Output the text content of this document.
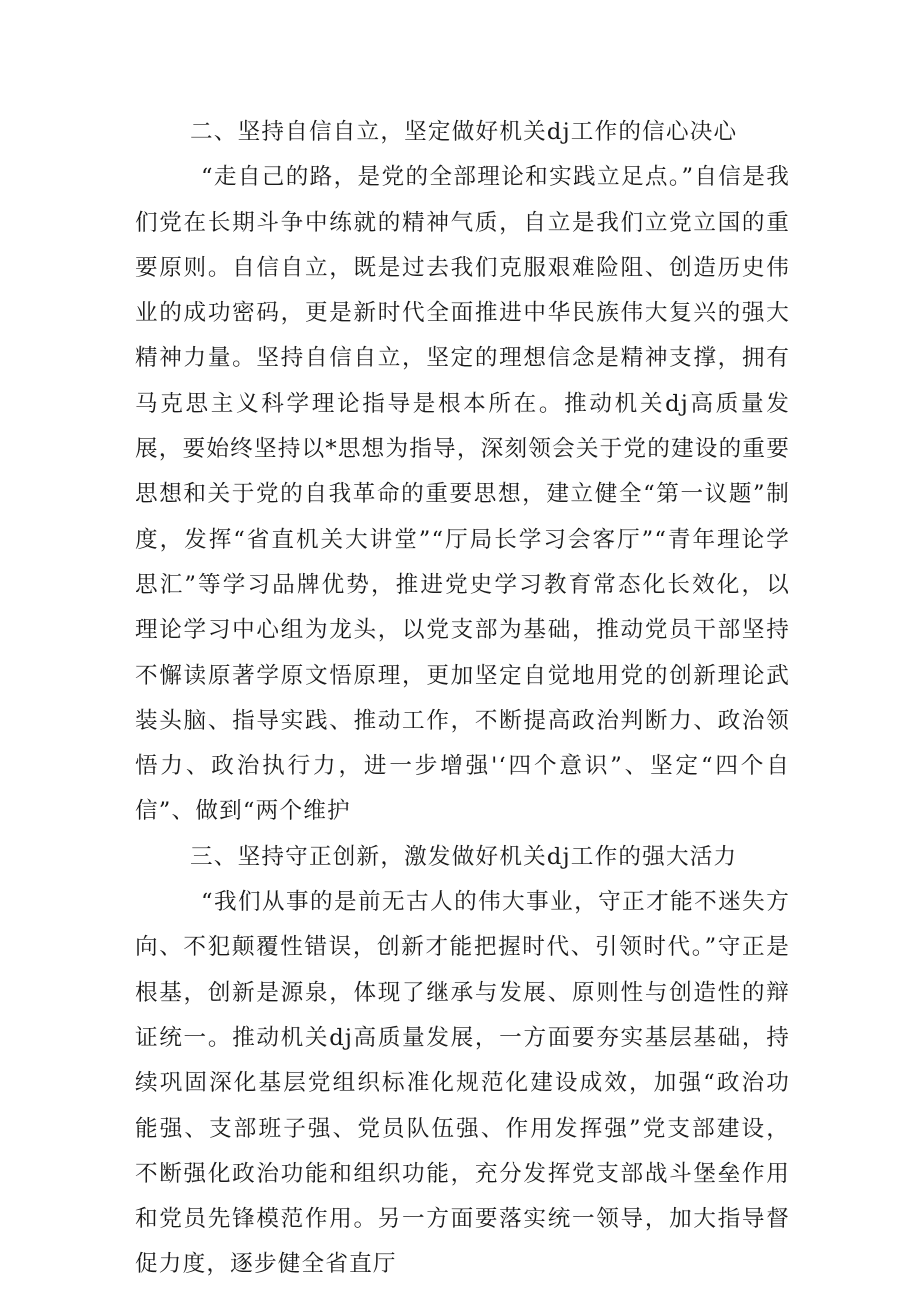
二、坚持自信自立，坚定做好机关dj工作的信心决心

“走自己的路，是党的全部理论和实践立足点。”自信是我们党在长期斗争中练就的精神气质，自立是我们立党立国的重要原则。自信自立，既是过去我们克服艰难险阻、创造历史伟业的成功密码，更是新时代全面推进中华民族伟大复兴的强大精神力量。坚持自信自立，坚定的理想信念是精神支撑，拥有马克思主义科学理论指导是根本所在。推动机关dj高质量发展，要始终坚持以*思想为指导，深刻领会关于党的建设的重要思想和关于党的自我革命的重要思想，建立健全“第一议题”制度，发挥“省直机关大讲堂”“厅局长学习会客厅”“青年理论学思汇”等学习品牌优势，推进党史学习教育常态化长效化，以理论学习中心组为龙头，以党支部为基础，推动党员干部坚持不懈读原著学原文悟原理，更加坚定自觉地用党的创新理论武装头脑、指导实践、推动工作，不断提高政治判断力、政治领悟力、政治执行力，进一步增强'‘四个意识”、坚定“四个自信”、做到“两个维护

三、坚持守正创新，激发做好机关dj工作的强大活力

“我们从事的是前无古人的伟大事业，守正才能不迷失方向、不犯颠覆性错误，创新才能把握时代、引领时代。”守正是根基，创新是源泉，体现了继承与发展、原则性与创造性的辩证统一。推动机关dj高质量发展，一方面要夯实基层基础，持续巩固深化基层党组织标准化规范化建设成效，加强“政治功能强、支部班子强、党员队伍强、作用发挥强”党支部建设，不断强化政治功能和组织功能，充分发挥党支部战斗堡垒作用和党员先锋模范作用。另一方面要落实统一领导，加大指导督促力度，逐步健全省直厅
